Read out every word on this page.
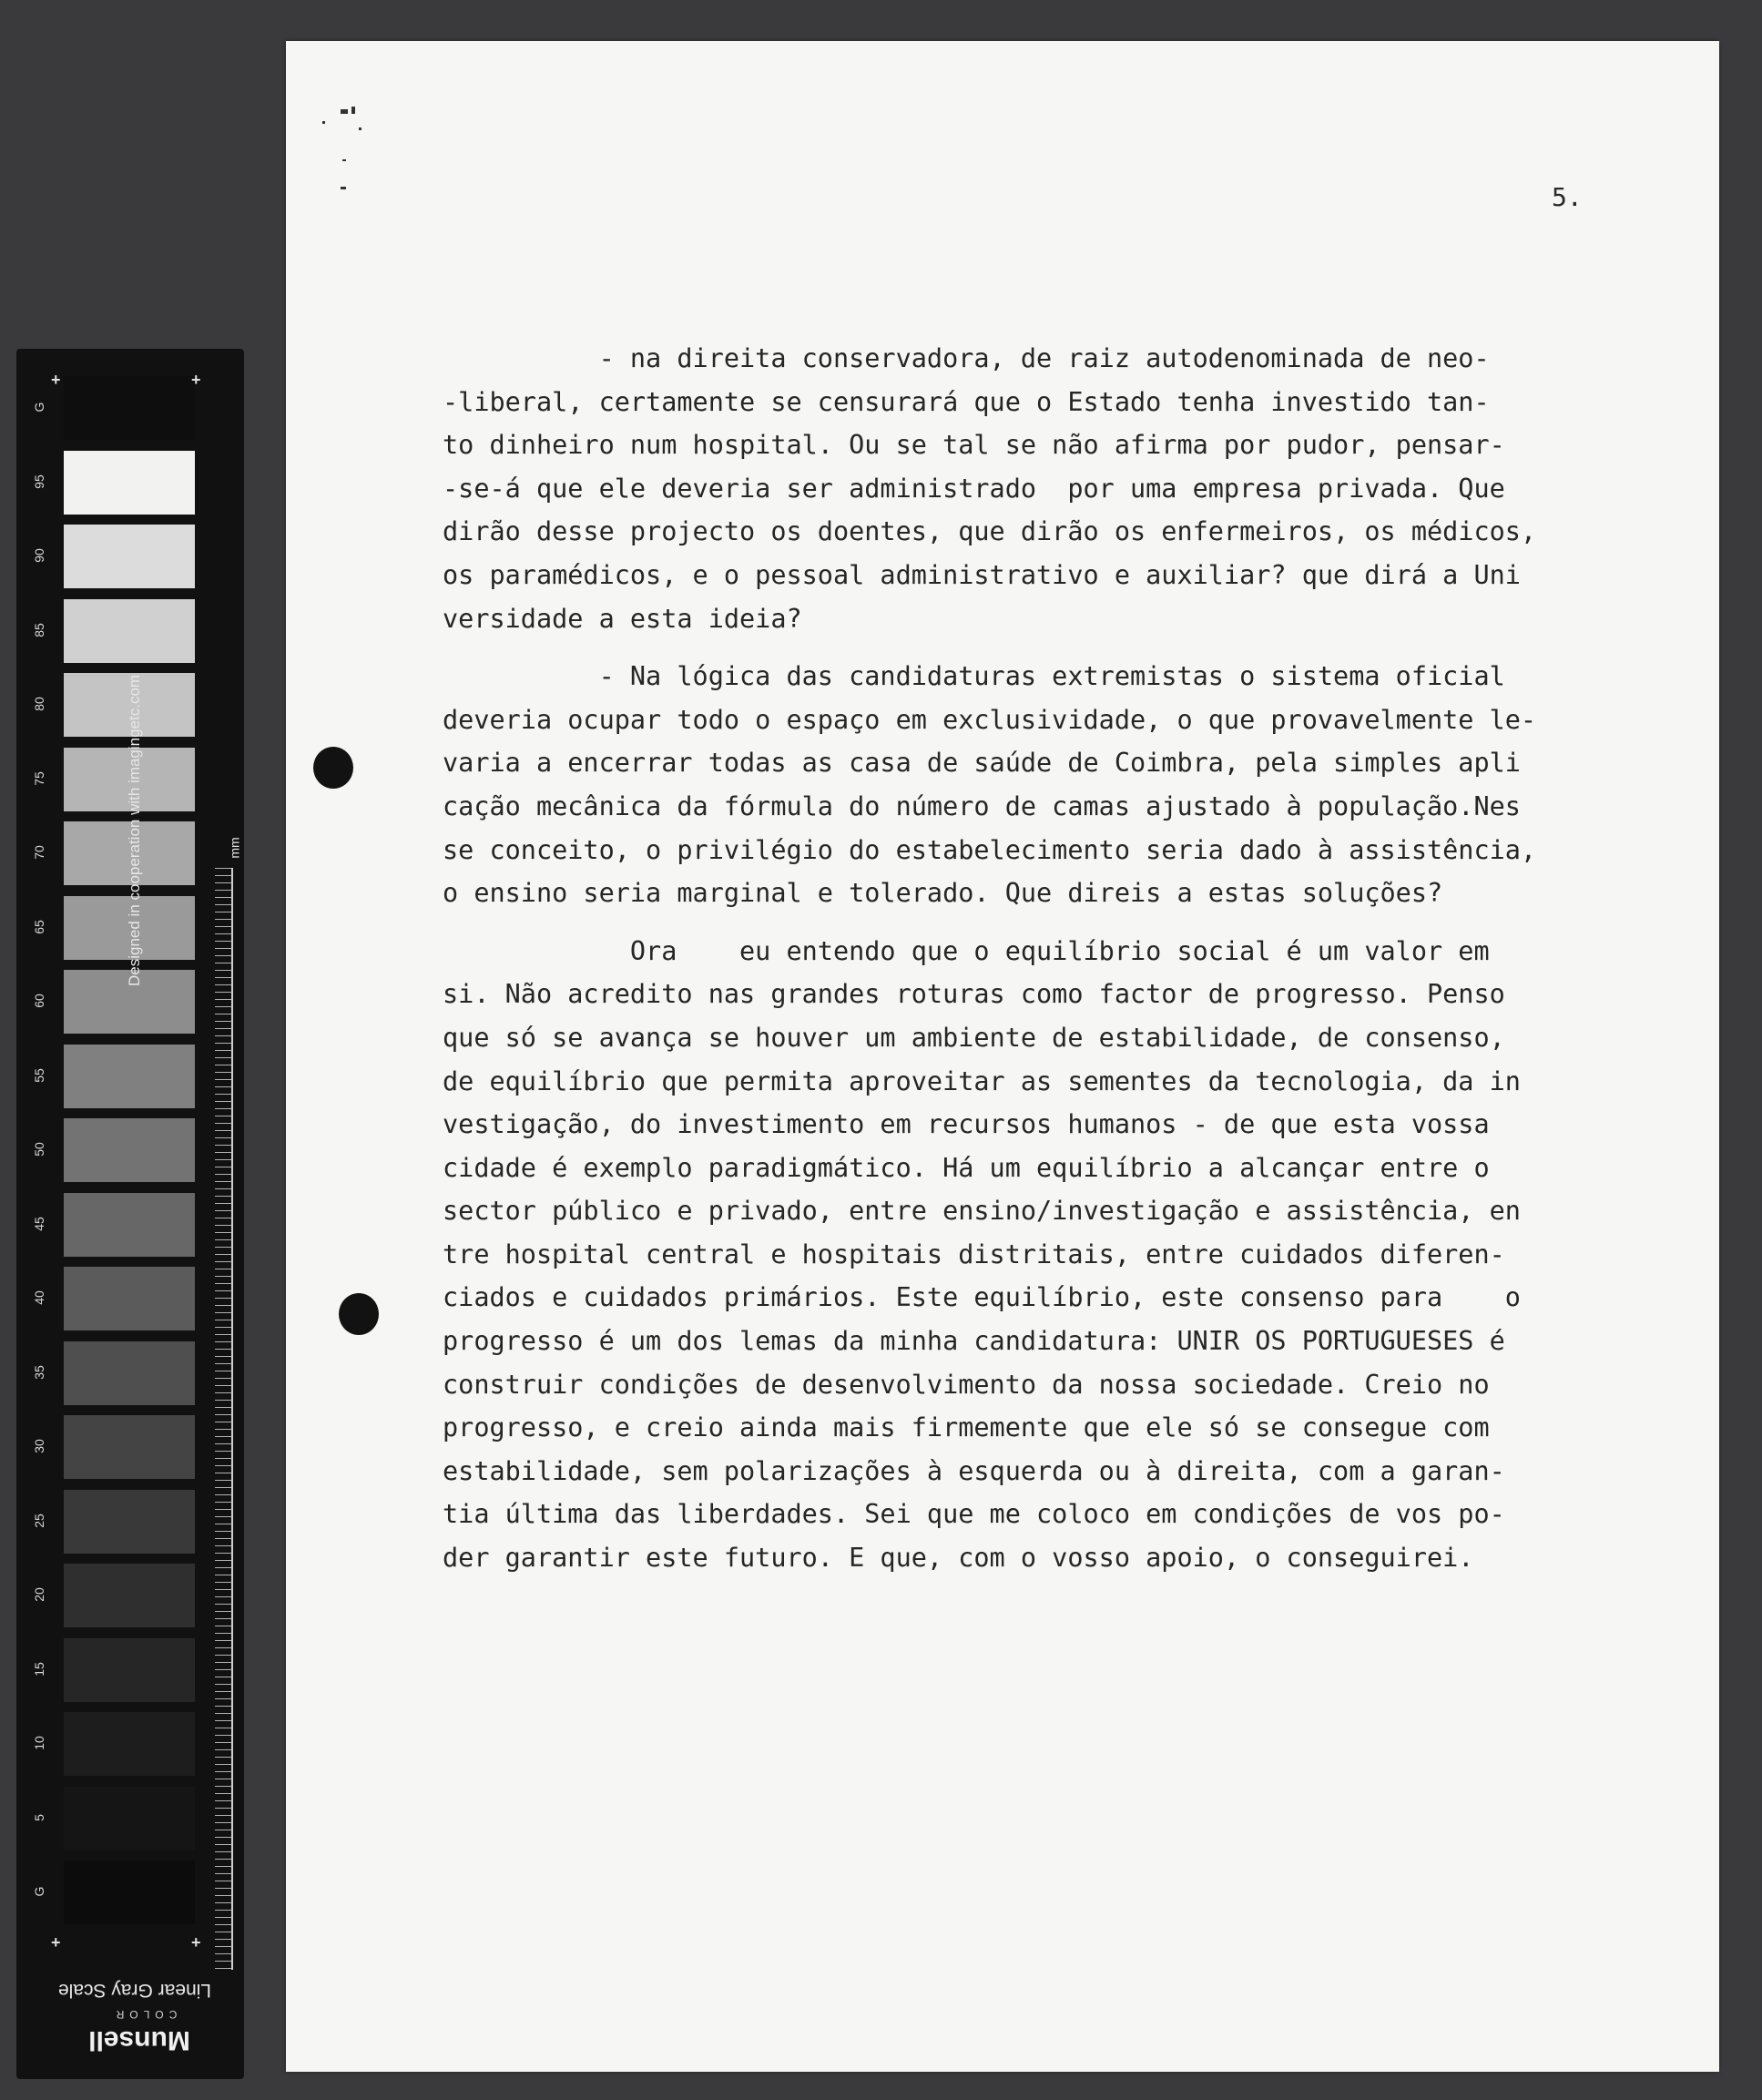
G
95
90
85
80
75
70
65
60
55
50
45
40
35
30
25
20
15
10
5
G
+	+
+	+
Designed in cooperation with imagingetc.com	mm
Linear Gray Scale
COLOR
Munsell
5.

- na direita conservadora, de raiz autodenominada de neo-
-liberal, certamente se censurará que o Estado tenha investido tan-
to dinheiro num hospital. Ou se tal se não afirma por pudor, pensar-
-se-á que ele deveria ser administrado  por uma empresa privada. Que
dirão desse projecto os doentes, que dirão os enfermeiros, os médicos,
os paramédicos, e o pessoal administrativo e auxiliar? que dirá a Uni
versidade a esta ideia?

- Na lógica das candidaturas extremistas o sistema oficial
deveria ocupar todo o espaço em exclusividade, o que provavelmente le-
varia a encerrar todas as casa de saúde de Coimbra, pela simples apli
cação mecânica da fórmula do número de camas ajustado à população.Nes
se conceito, o privilégio do estabelecimento seria dado à assistência,
o ensino seria marginal e tolerado. Que direis a estas soluções?

Ora    eu entendo que o equilíbrio social é um valor em
si. Não acredito nas grandes roturas como factor de progresso. Penso
que só se avança se houver um ambiente de estabilidade, de consenso,
de equilíbrio que permita aproveitar as sementes da tecnologia, da in
vestigação, do investimento em recursos humanos - de que esta vossa
cidade é exemplo paradigmático. Há um equilíbrio a alcançar entre o
sector público e privado, entre ensino/investigação e assistência, en
tre hospital central e hospitais distritais, entre cuidados diferen-
ciados e cuidados primários. Este equilíbrio, este consenso para    o
progresso é um dos lemas da minha candidatura: UNIR OS PORTUGUESES é
construir condições de desenvolvimento da nossa sociedade. Creio no
progresso, e creio ainda mais firmemente que ele só se consegue com
estabilidade, sem polarizações à esquerda ou à direita, com a garan-
tia última das liberdades. Sei que me coloco em condições de vos po-
der garantir este futuro. E que, com o vosso apoio, o conseguirei.
